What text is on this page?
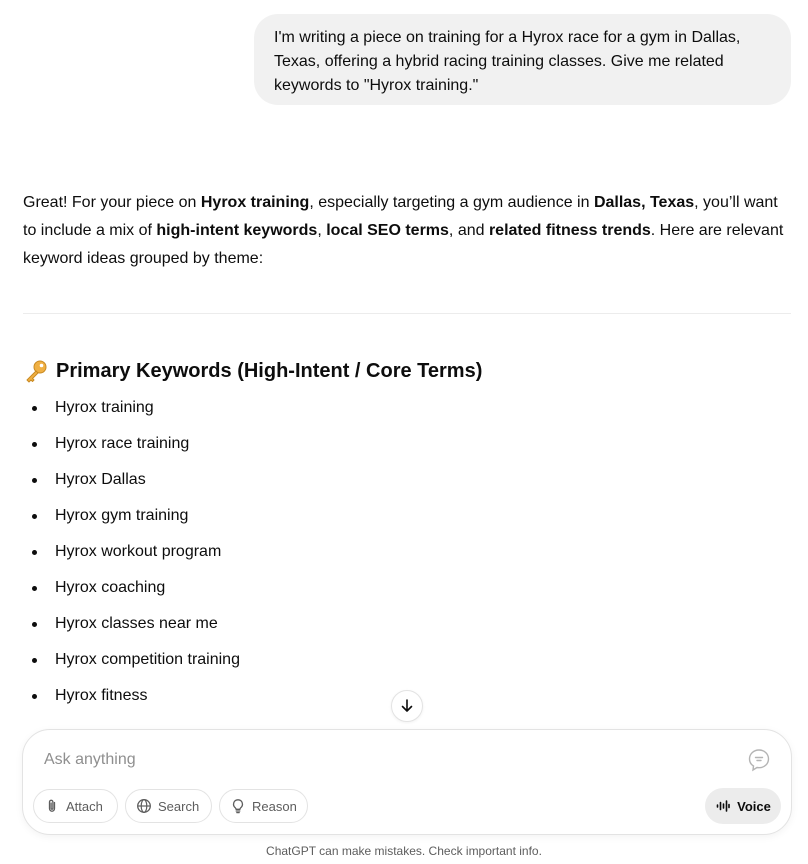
I'm writing a piece on training for a Hyrox race for a gym in Dallas, Texas, offering a hybrid racing training classes. Give me related keywords to "Hyrox training."

Great! For your piece on Hyrox training, especially targeting a gym audience in Dallas, Texas, you’ll want to include a mix of high-intent keywords, local SEO terms, and related fitness trends. Here are relevant keyword ideas grouped by theme:

Primary Keywords (High-Intent / Core Terms)
Hyrox training
Hyrox race training
Hyrox Dallas
Hyrox gym training
Hyrox workout program
Hyrox coaching
Hyrox classes near me
Hyrox competition training
Hyrox fitness
Ask anything
Attach	Search	Reason	Voice
ChatGPT can make mistakes. Check important info.
